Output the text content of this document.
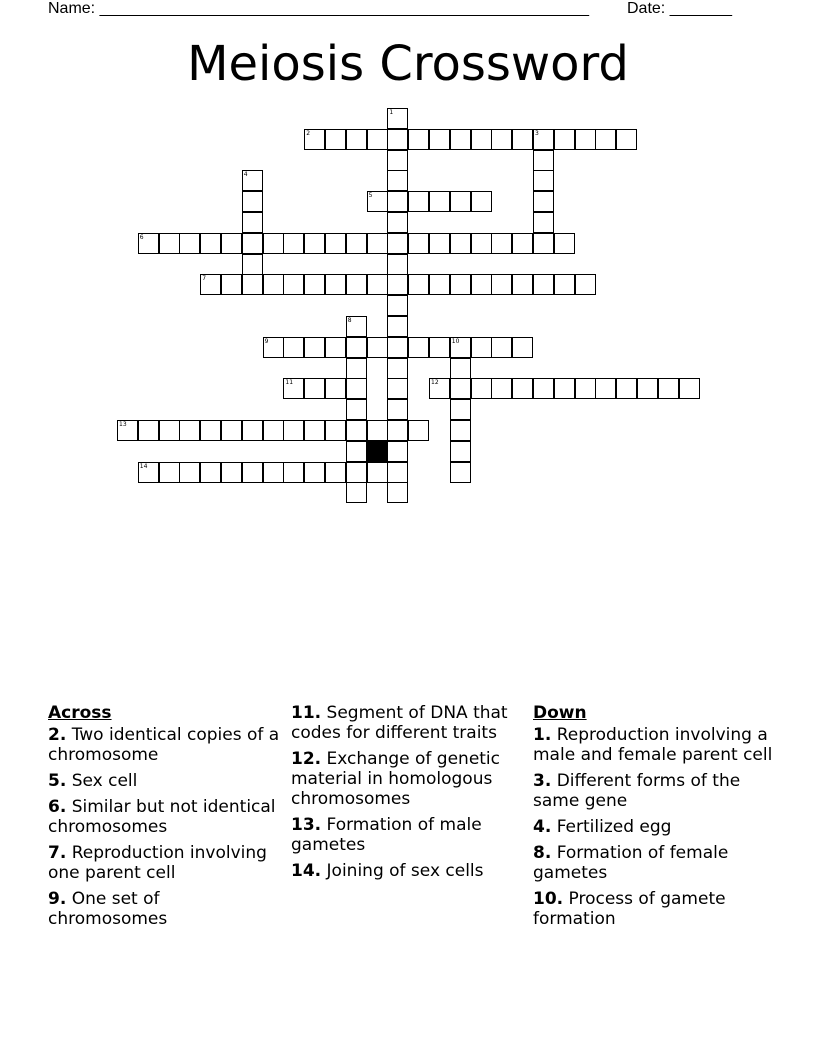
Name: _______________________________________________________

Date: _______

Meiosis Crossword
1
2	3
4
5
6
7
8
9	10
11	12
13
14
Across
2. Two identical copies of a chromosome
5. Sex cell
6. Similar but not identical chromosomes
7. Reproduction involving one parent cell
9. One set of chromosomes
11. Segment of DNA that codes for different traits
12. Exchange of genetic material in homologous chromosomes
13. Formation of male gametes
14. Joining of sex cells
Down
1. Reproduction involving a male and female parent cell
3. Different forms of the same gene
4. Fertilized egg
8. Formation of female gametes
10. Process of gamete formation
